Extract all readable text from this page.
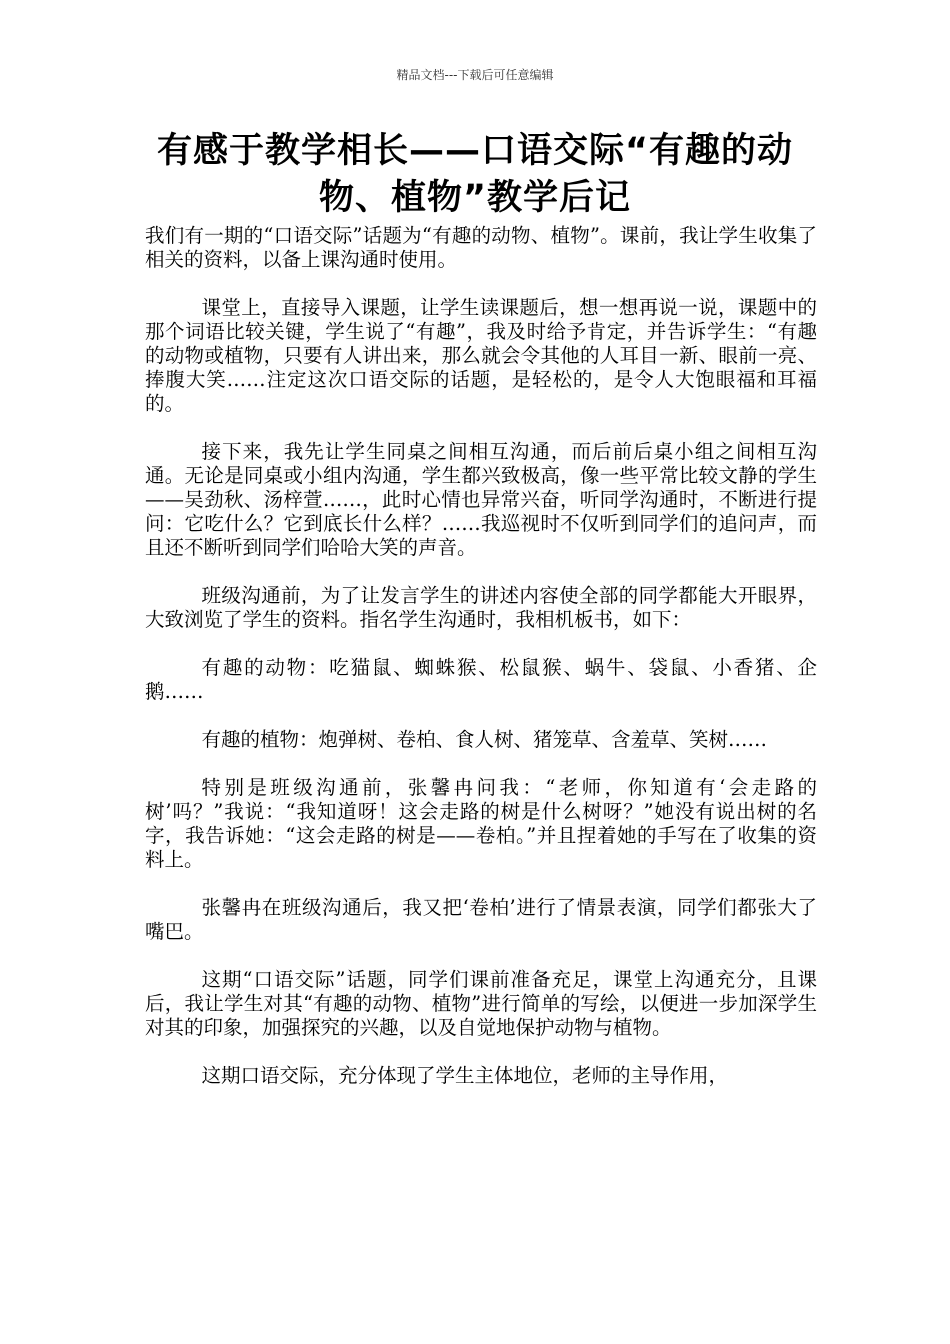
精品文档---下载后可任意编辑
有感于教学相长——口语交际“有趣的动物、植物”教学后记

我们有一期的“口语交际”话题为“有趣的动物、植物”。课前，我让学生收集了相关的资料，以备上课沟通时使用。

课堂上，直接导入课题，让学生读课题后，想一想再说一说，课题中的那个词语比较关键，学生说了“有趣”，我及时给予肯定，并告诉学生：“有趣的动物或植物，只要有人讲出来，那么就会令其他的人耳目一新、眼前一亮、捧腹大笑……注定这次口语交际的话题，是轻松的，是令人大饱眼福和耳福的。

接下来，我先让学生同桌之间相互沟通，而后前后桌小组之间相互沟通。无论是同桌或小组内沟通，学生都兴致极高，像一些平常比较文静的学生——吴劲秋、汤梓萱……，此时心情也异常兴奋，听同学沟通时，不断进行提问：它吃什么？它到底长什么样？……我巡视时不仅听到同学们的追问声，而且还不断听到同学们哈哈大笑的声音。

班级沟通前，为了让发言学生的讲述内容使全部的同学都能大开眼界，大致浏览了学生的资料。指名学生沟通时，我相机板书，如下：

有趣的动物：吃猫鼠、蜘蛛猴、松鼠猴、蜗牛、袋鼠、小香猪、企鹅……

有趣的植物：炮弹树、卷柏、食人树、猪笼草、含羞草、笑树……

特别是班级沟通前，张馨冉问我：“老师，你知道有‘会走路的树’吗？”我说：“我知道呀！这会走路的树是什么树呀？”她没有说出树的名字，我告诉她：“这会走路的树是——卷柏。”并且捏着她的手写在了收集的资料上。

张馨冉在班级沟通后，我又把‘卷柏’进行了情景表演，同学们都张大了嘴巴。

这期“口语交际”话题，同学们课前准备充足，课堂上沟通充分，且课后，我让学生对其“有趣的动物、植物”进行简单的写绘，以便进一步加深学生对其的印象，加强探究的兴趣，以及自觉地保护动物与植物。

这期口语交际，充分体现了学生主体地位，老师的主导作用，
